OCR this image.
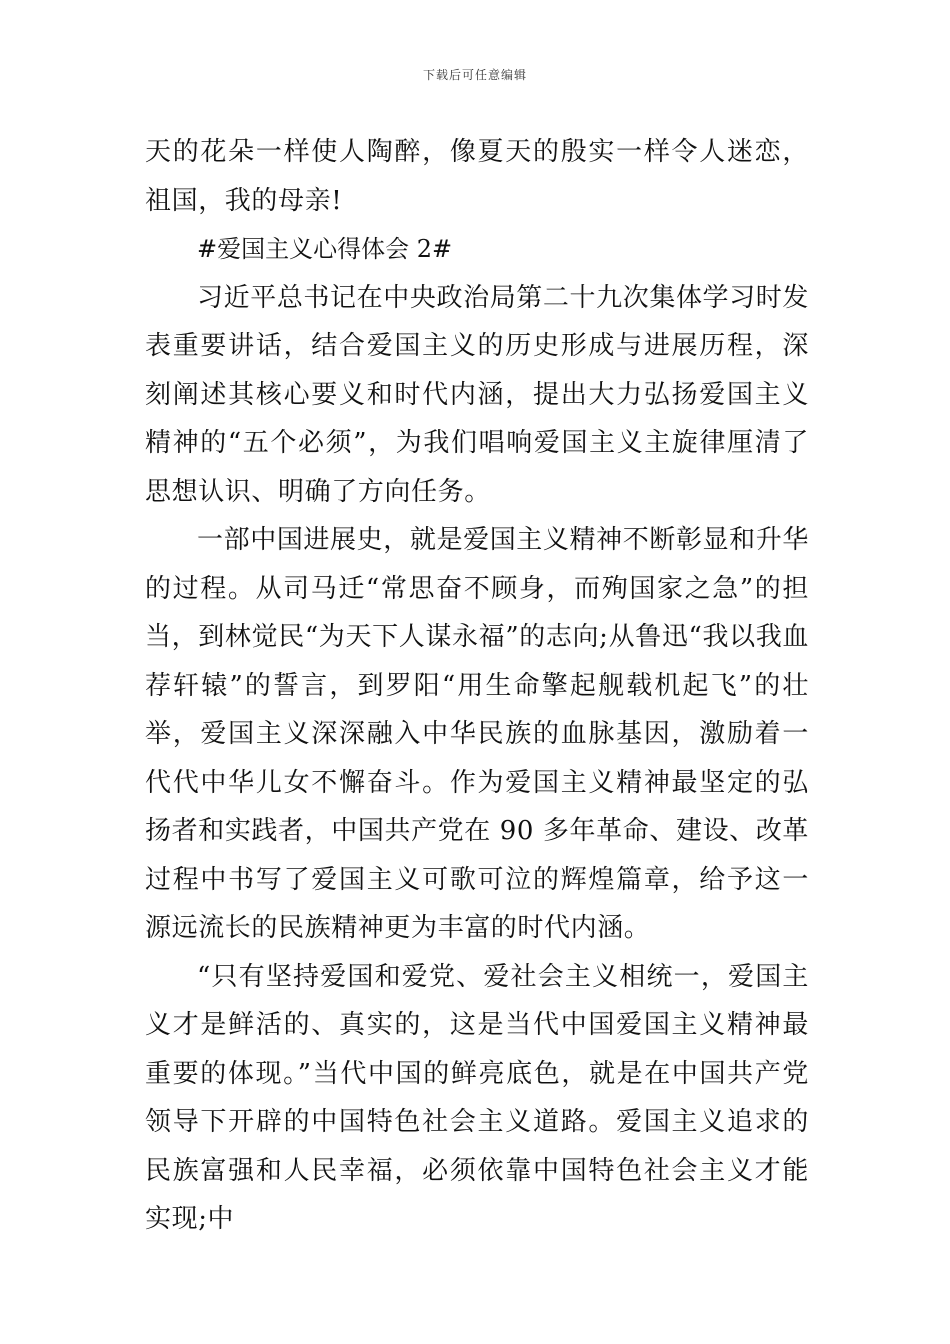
下载后可任意编辑

天的花朵一样使人陶醉，像夏天的殷实一样令人迷恋，祖国，我的母亲!

#爱国主义心得体会 2#

习近平总书记在中央政治局第二十九次集体学习时发表重要讲话，结合爱国主义的历史形成与进展历程，深刻阐述其核心要义和时代内涵，提出大力弘扬爱国主义精神的“五个必须”，为我们唱响爱国主义主旋律厘清了思想认识、明确了方向任务。

一部中国进展史，就是爱国主义精神不断彰显和升华的过程。从司马迁“常思奋不顾身，而殉国家之急”的担当，到林觉民“为天下人谋永福”的志向;从鲁迅“我以我血荐轩辕”的誓言，到罗阳“用生命擎起舰载机起飞”的壮举，爱国主义深深融入中华民族的血脉基因，激励着一代代中华儿女不懈奋斗。作为爱国主义精神最坚定的弘扬者和实践者，中国共产党在 90 多年革命、建设、改革过程中书写了爱国主义可歌可泣的辉煌篇章，给予这一源远流长的民族精神更为丰富的时代内涵。

“只有坚持爱国和爱党、爱社会主义相统一，爱国主义才是鲜活的、真实的，这是当代中国爱国主义精神最重要的体现。”当代中国的鲜亮底色，就是在中国共产党领导下开辟的中国特色社会主义道路。爱国主义追求的民族富强和人民幸福，必须依靠中国特色社会主义才能实现;中
